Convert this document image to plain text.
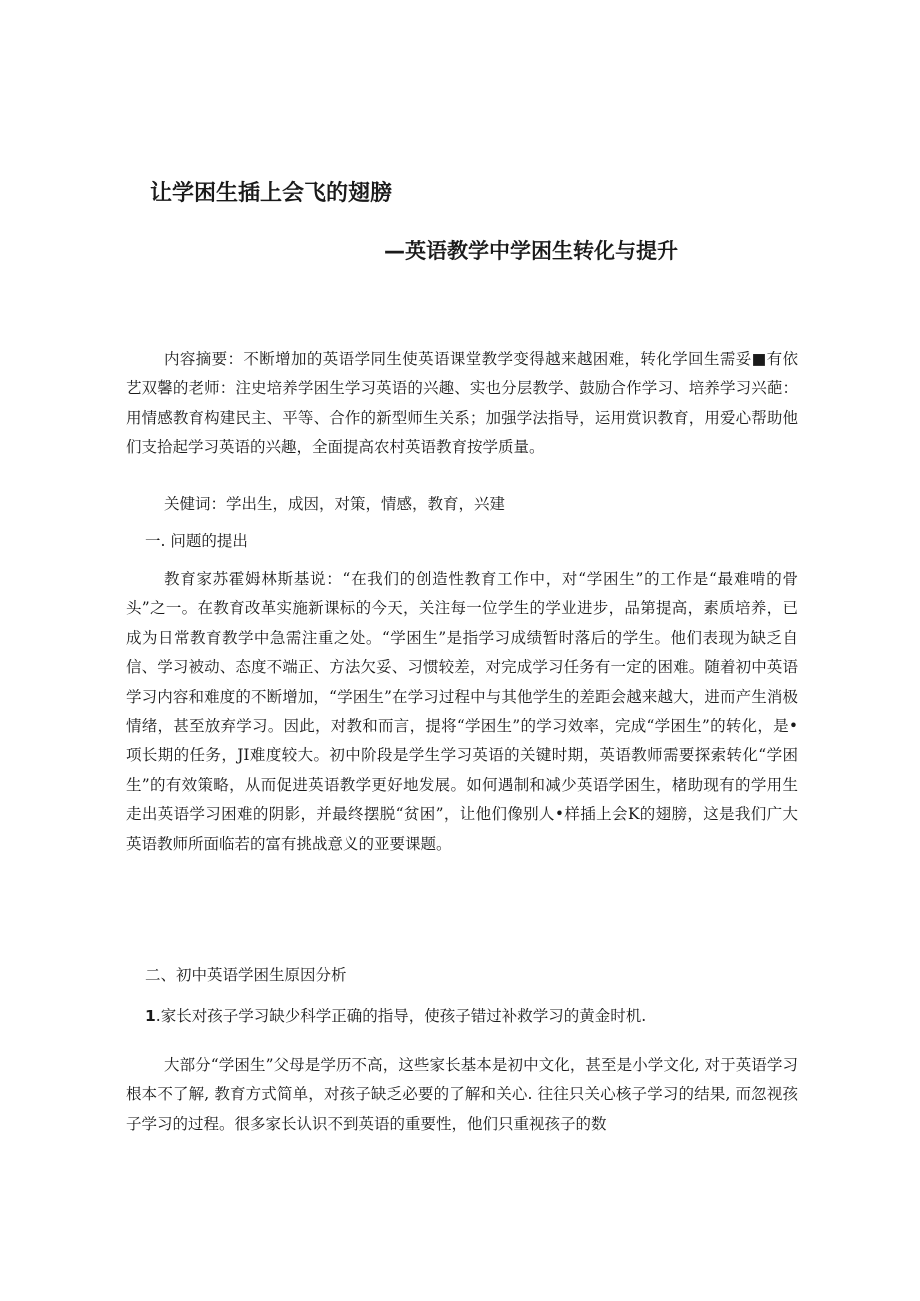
让学困生插上会飞的翅膀
—英语教学中学困生转化与提升

内容摘要：不断增加的英语学同生使英语课堂教学变得越来越困难，转化学回生需妥■有依艺双馨的老师：注史培养学困生学习英语的兴趣、实也分层教学、鼓励合作学习、培养学习兴葩：用情感教育构建民主、平等、合作的新型师生关系；加强学法指导，运用赏识教育，用爱心帮助他们支拾起学习英语的兴趣，全面提高农村英语教育按学质量。

关健词：学出生，成因，对策，情感，教育，兴建

一. 问题的提出

教育家苏霍姆林斯基说：“在我们的创造性教育工作中，对“学困生”的工作是“最难啃的骨头”之一。在教育改革实施新课标的今天，关注每一位学生的学业进步，品第提高，素质培养，已成为日常教育教学中急需注重之处。“学困生”是指学习成绩暂时落后的学生。他们表现为缺乏自信、学习被动、态度不端正、方法欠妥、习惯较差，对完成学习任务有一定的困难。随着初中英语学习内容和难度的不断增加，“学困生”在学习过程中与其他学生的差距会越来越大，进而产生消极情绪，甚至放弃学习。因此，对教和而言，提将“学困生”的学习效率，完成“学困生”的转化，是•项长期的任务，JI难度较大。初中阶段是学生学习英语的关键时期，英语教师需要探索转化“学困生”的有效策略，从而促进英语教学更好地发展。如何遇制和减少英语学困生，楮助现有的学用生走出英语学习困难的阴影，并最终摆脱“贫困”，让他们像别人•样插上会K的翅膀，这是我们广大英语教师所面临若的富有挑战意义的亚要课题。

二、初中英语学困生原因分析

1.家长对孩子学习缺少科学正确的指导，使孩子错过补救学习的黄金时机.

大部分“学困生”父母是学历不高，这些家长基本是初中文化，甚至是小学文化, 对于英语学习根本不了解, 教育方式简单，对孩子缺乏必要的了解和关心. 往往只关心核子学习的结果, 而忽视孩子学习的过程。很多家长认识不到英语的重要性，他们只重视孩子的数
